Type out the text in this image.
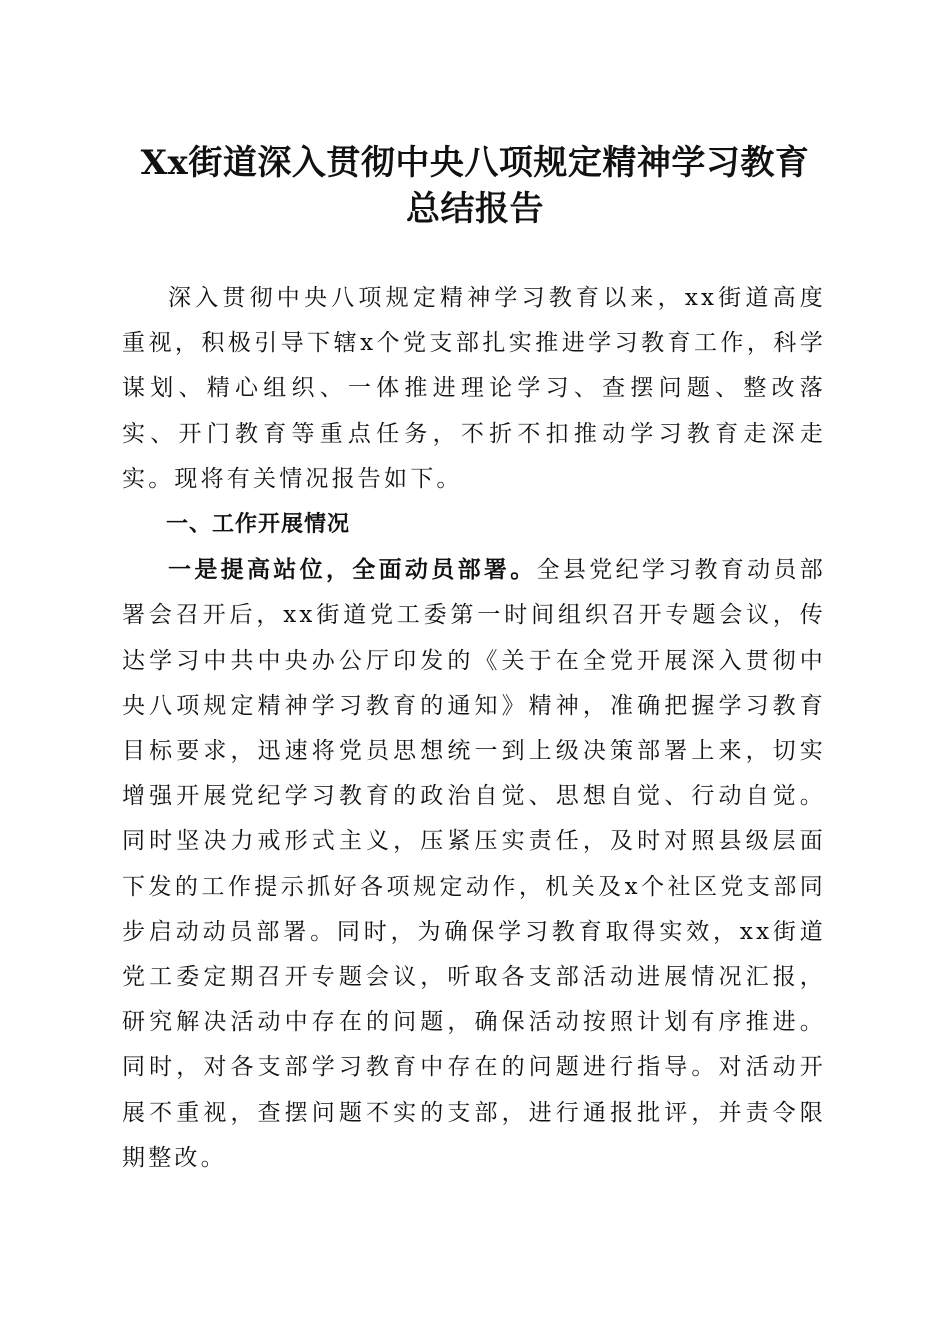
Xx街道深入贯彻中央八项规定精神学习教育
总结报告

深入贯彻中央八项规定精神学习教育以来，xx街道高度重视，积极引导下辖x个党支部扎实推进学习教育工作，科学谋划、精心组织、一体推进理论学习、查摆问题、整改落实、开门教育等重点任务，不折不扣推动学习教育走深走实。现将有关情况报告如下。

一、工作开展情况

一是提高站位，全面动员部署。全县党纪学习教育动员部署会召开后，xx街道党工委第一时间组织召开专题会议，传达学习中共中央办公厅印发的《关于在全党开展深入贯彻中央八项规定精神学习教育的通知》精神，准确把握学习教育目标要求，迅速将党员思想统一到上级决策部署上来，切实增强开展党纪学习教育的政治自觉、思想自觉、行动自觉。同时坚决力戒形式主义，压紧压实责任，及时对照县级层面下发的工作提示抓好各项规定动作，机关及x个社区党支部同步启动动员部署。同时，为确保学习教育取得实效，xx街道党工委定期召开专题会议，听取各支部活动进展情况汇报，研究解决活动中存在的问题，确保活动按照计划有序推进。同时，对各支部学习教育中存在的问题进行指导。对活动开展不重视，查摆问题不实的支部，进行通报批评，并责令限期整改。
